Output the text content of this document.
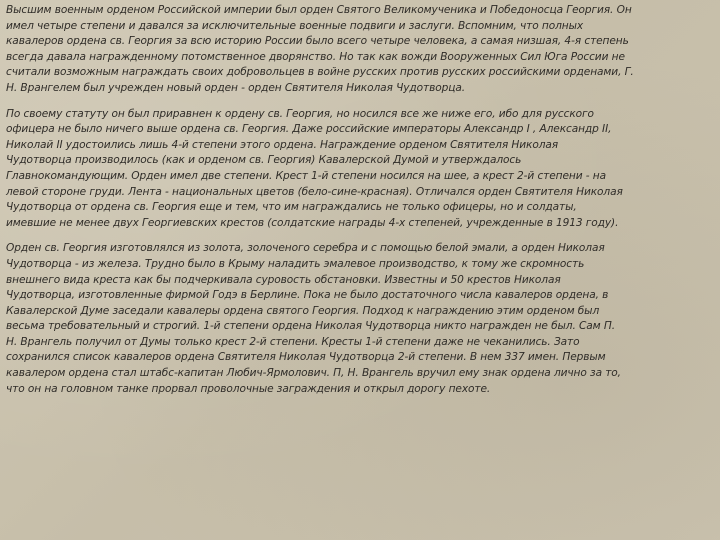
Высшим военным орденом Российской империи был орден Святого Великомученика и Победоносца Георгия. Он
имел четыре степени и давался за исключительные военные подвиги и заслуги. Вспомним, что полных
кавалеров ордена св. Георгия за всю историю России было всего четыре человека, а самая низшая, 4-я степень
всегда давала награжденному потомственное дворянство. Но так как вожди Вооруженных Сил Юга России не
считали возможным награждать своих добровольцев в войне русских против русских российскими орденами, Г.
Н. Врангелем был учрежден новый орден - орден Святителя Николая Чудотворца.

По своему статуту он был приравнен к ордену св. Георгия, но носился все же ниже его, ибо для русского
офицера не было ничего выше ордена св. Георгия. Даже российские императоры Александр I , Александр II,
Николай II удостоились лишь 4-й степени этого ордена. Награждение орденом Святителя Николая
Чудотворца производилось (как и орденом св. Георгия) Кавалерской Думой и утверждалось
Главнокомандующим. Орден имел две степени. Крест 1-й степени носился на шее, а крест 2-й степени - на
левой стороне груди. Лента - национальных цветов (бело-сине-красная). Отличался орден Святителя Николая
Чудотворца от ордена св. Георгия еще и тем, что им награждались не только офицеры, но и солдаты,
имевшие не менее двух Георгиевских крестов (солдатские награды 4-х степеней, учрежденные в 1913 году).

Орден св. Георгия изготовлялся из золота, золоченого серебра и с помощью белой эмали, а орден Николая
Чудотворца - из железа. Трудно было в Крыму наладить эмалевое производство, к тому же скромность
внешнего вида креста как бы подчеркивала суровость обстановки. Известны и 50 крестов Николая
Чудотворца, изготовленные фирмой Годэ в Берлине. Пока не было достаточного числа кавалеров ордена, в
Кавалерской Думе заседали кавалеры ордена святого Георгия. Подход к награждению этим орденом был
весьма требовательный и строгий. 1-й степени ордена Николая Чудотворца никто награжден не был. Сам П.
Н. Врангель получил от Думы только крест 2-й степени. Кресты 1-й степени даже не чеканились. Зато
сохранился список кавалеров ордена Святителя Николая Чудотворца 2-й степени. В нем 337 имен. Первым
кавалером ордена стал штабс-капитан Любич-Ярмолович. П, Н. Врангель вручил ему знак ордена лично за то,
что он на головном танке прорвал проволочные заграждения и открыл дорогу пехоте.
